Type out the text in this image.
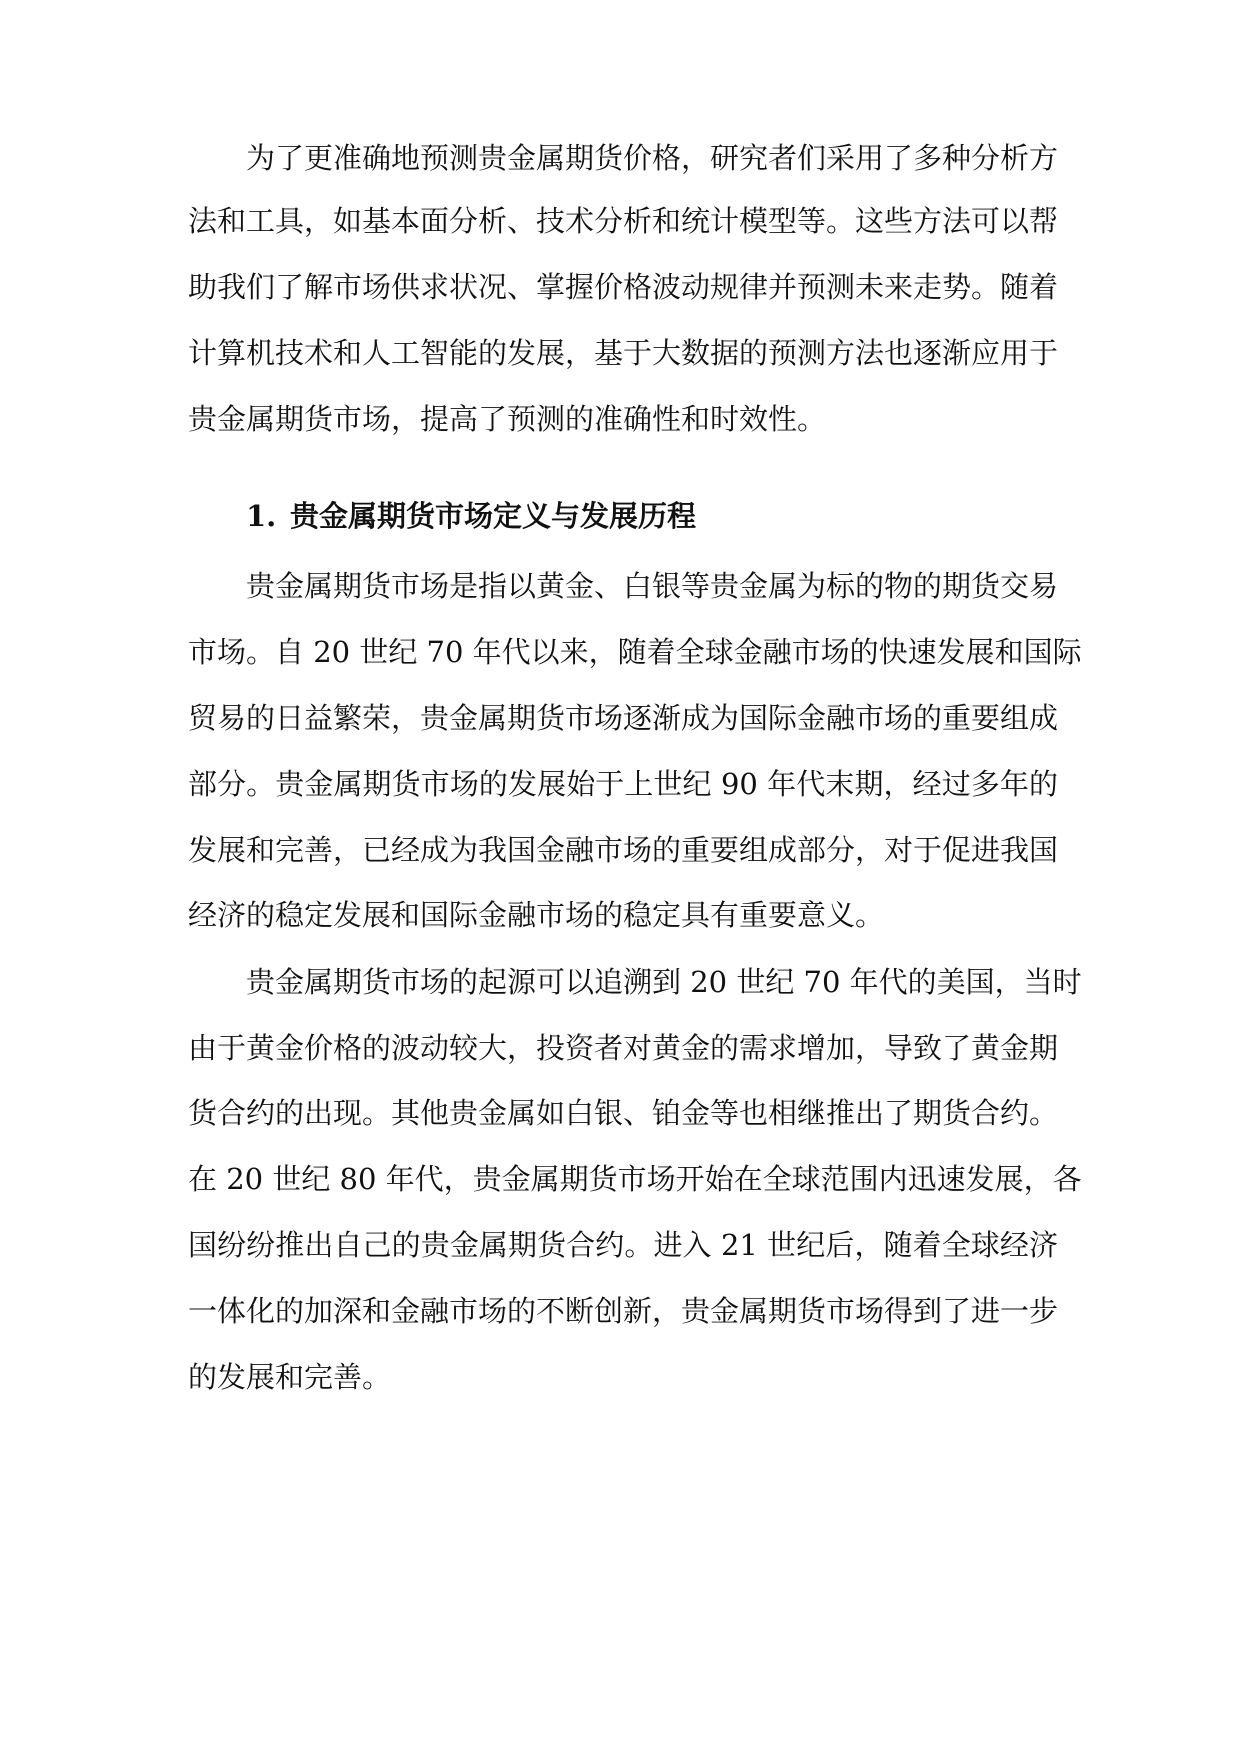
为了更准确地预测贵金属期货价格，研究者们采用了多种分析方

法和工具，如基本面分析、技术分析和统计模型等。这些方法可以帮

助我们了解市场供求状况、掌握价格波动规律并预测未来走势。随着

计算机技术和人工智能的发展，基于大数据的预测方法也逐渐应用于

贵金属期货市场，提高了预测的准确性和时效性。

1. 贵金属期货市场定义与发展历程

贵金属期货市场是指以黄金、白银等贵金属为标的物的期货交易

市场。自 20 世纪 70 年代以来，随着全球金融市场的快速发展和国际

贸易的日益繁荣，贵金属期货市场逐渐成为国际金融市场的重要组成

部分。贵金属期货市场的发展始于上世纪 90 年代末期，经过多年的

发展和完善，已经成为我国金融市场的重要组成部分，对于促进我国

经济的稳定发展和国际金融市场的稳定具有重要意义。

贵金属期货市场的起源可以追溯到 20 世纪 70 年代的美国，当时

由于黄金价格的波动较大，投资者对黄金的需求增加，导致了黄金期

货合约的出现。其他贵金属如白银、铂金等也相继推出了期货合约。

在 20 世纪 80 年代，贵金属期货市场开始在全球范围内迅速发展，各

国纷纷推出自己的贵金属期货合约。进入 21 世纪后，随着全球经济

一体化的加深和金融市场的不断创新，贵金属期货市场得到了进一步

的发展和完善。
